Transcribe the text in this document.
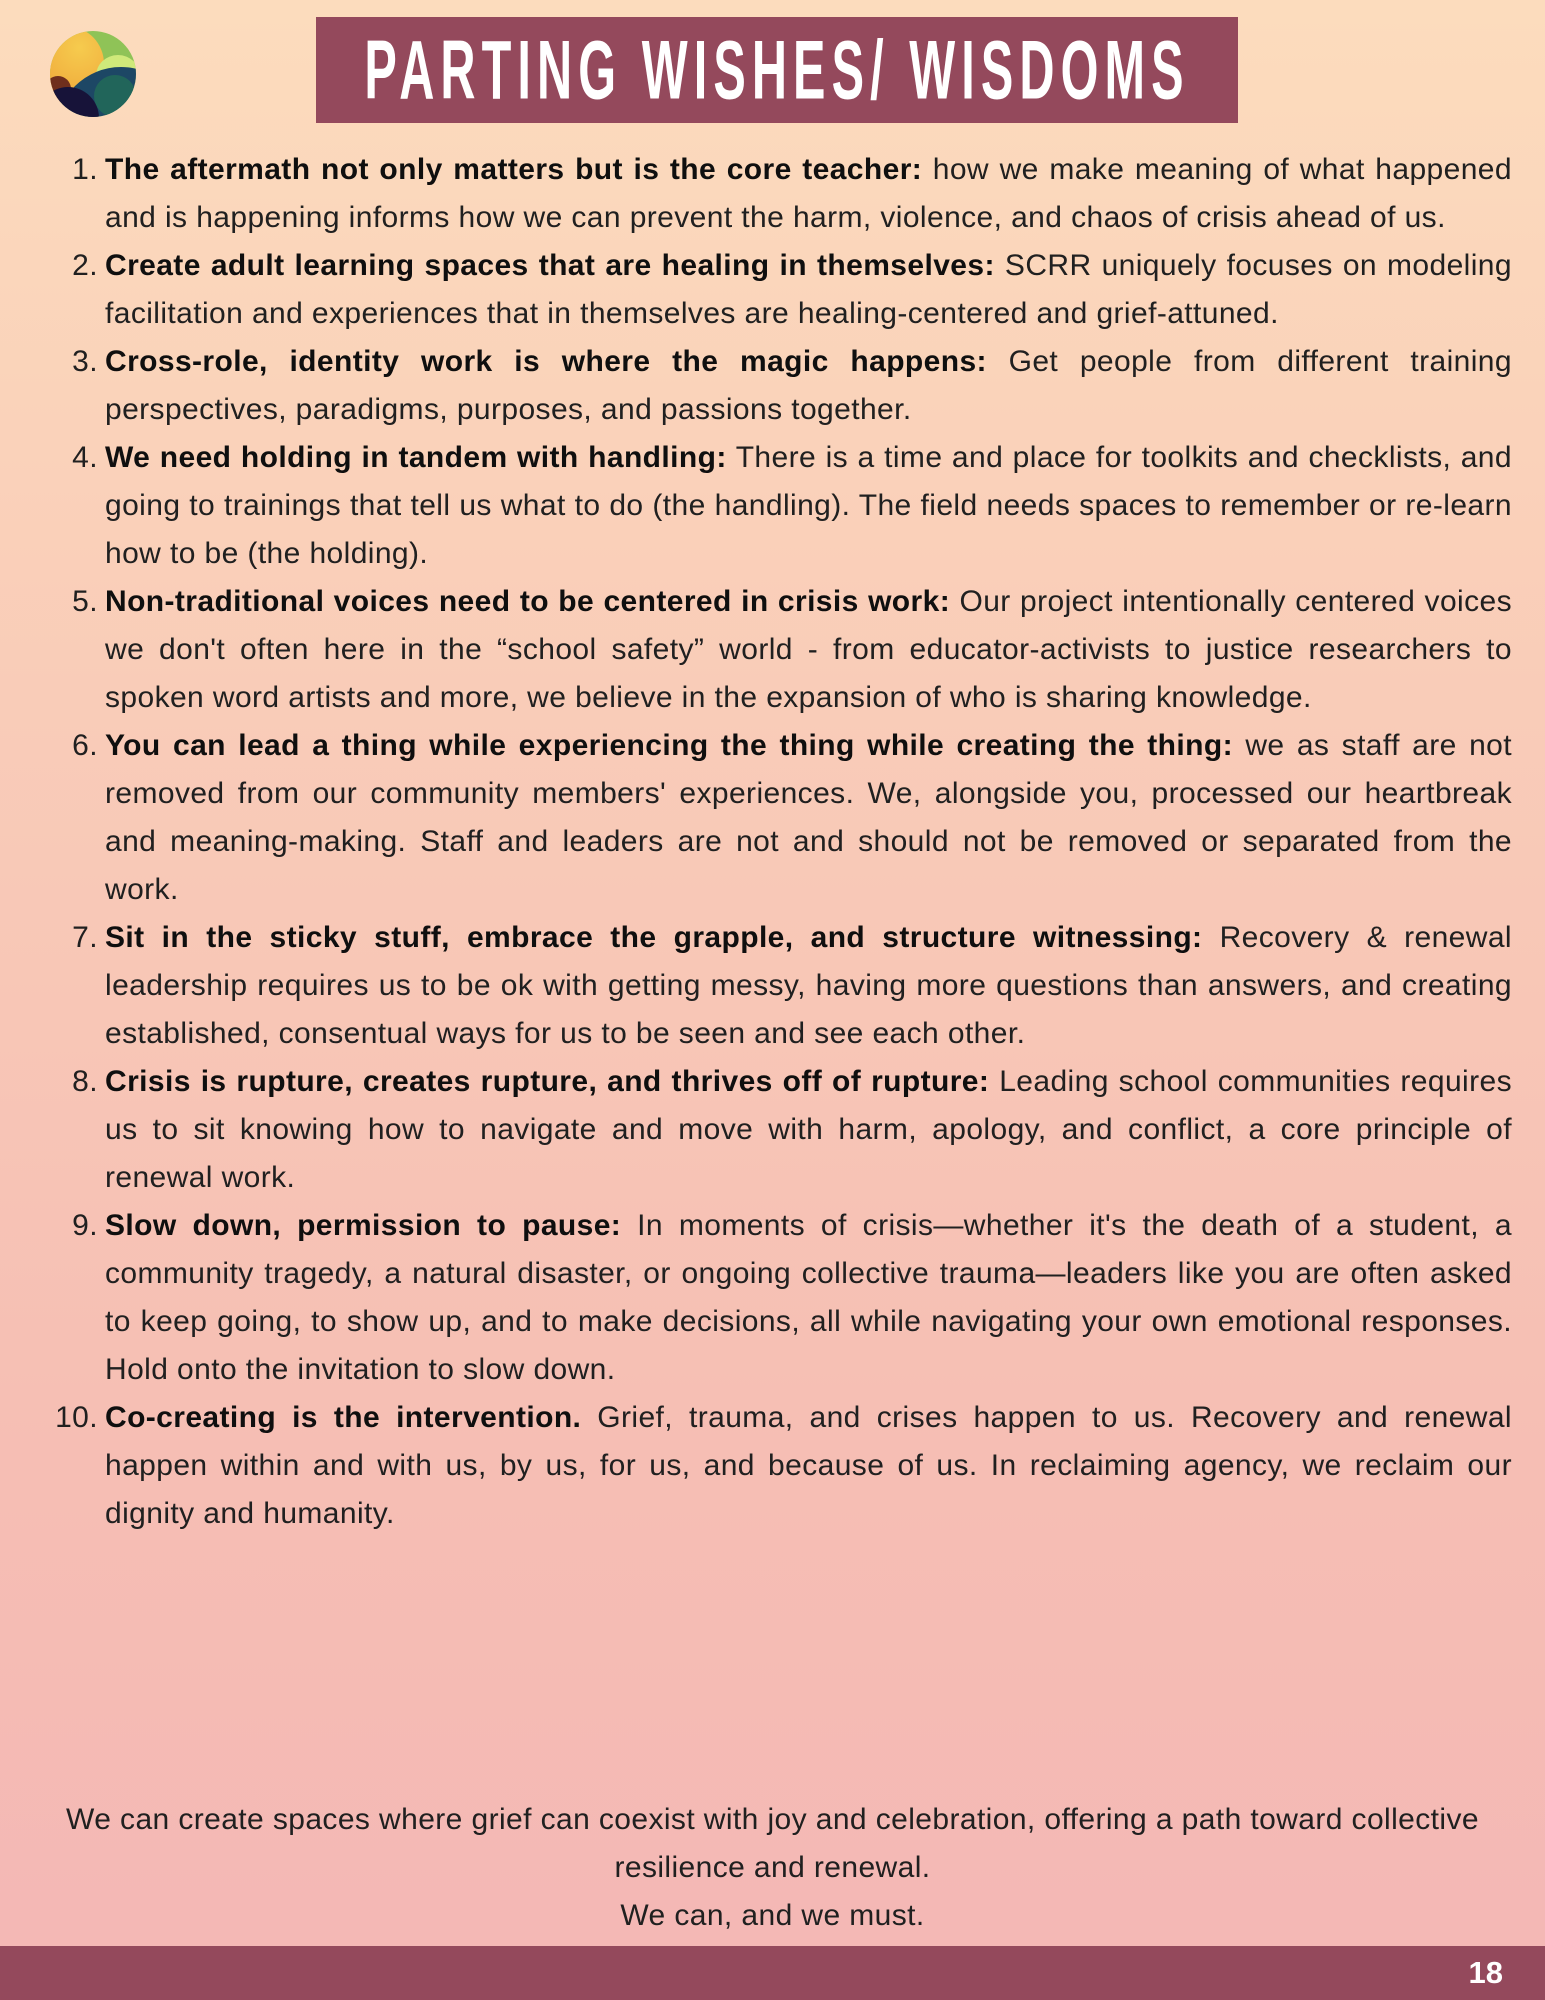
PARTING WISHES/ WISDOMS
1. The aftermath not only matters but is the core teacher: how we make meaning of what happened and is happening informs how we can prevent the harm, violence, and chaos of crisis ahead of us.
2. Create adult learning spaces that are healing in themselves: SCRR uniquely focuses on modeling facilitation and experiences that in themselves are healing-centered and grief-attuned.
3. Cross-role, identity work is where the magic happens: Get people from different training perspectives, paradigms, purposes, and passions together.
4. We need holding in tandem with handling: There is a time and place for toolkits and checklists, and going to trainings that tell us what to do (the handling). The field needs spaces to remember or re-learn how to be (the holding).
5. Non-traditional voices need to be centered in crisis work: Our project intentionally centered voices we don't often here in the “school safety” world - from educator-activists to justice researchers to spoken word artists and more, we believe in the expansion of who is sharing knowledge.
6. You can lead a thing while experiencing the thing while creating the thing: we as staff are not removed from our community members' experiences. We, alongside you, processed our heartbreak and meaning-making. Staff and leaders are not and should not be removed or separated from the work.
7. Sit in the sticky stuff, embrace the grapple, and structure witnessing: Recovery & renewal leadership requires us to be ok with getting messy, having more questions than answers, and creating established, consentual ways for us to be seen and see each other.
8. Crisis is rupture, creates rupture, and thrives off of rupture: Leading school communities requires us to sit knowing how to navigate and move with harm, apology, and conflict, a core principle of renewal work.
9. Slow down, permission to pause: In moments of crisis—whether it's the death of a student, a community tragedy, a natural disaster, or ongoing collective trauma—leaders like you are often asked to keep going, to show up, and to make decisions, all while navigating your own emotional responses. Hold onto the invitation to slow down.
10. Co-creating is the intervention. Grief, trauma, and crises happen to us. Recovery and renewal happen within and with us, by us, for us, and because of us. In reclaiming agency, we reclaim our dignity and humanity.

We can create spaces where grief can coexist with joy and celebration, offering a path toward collective resilience and renewal.

We can, and we must.

18
